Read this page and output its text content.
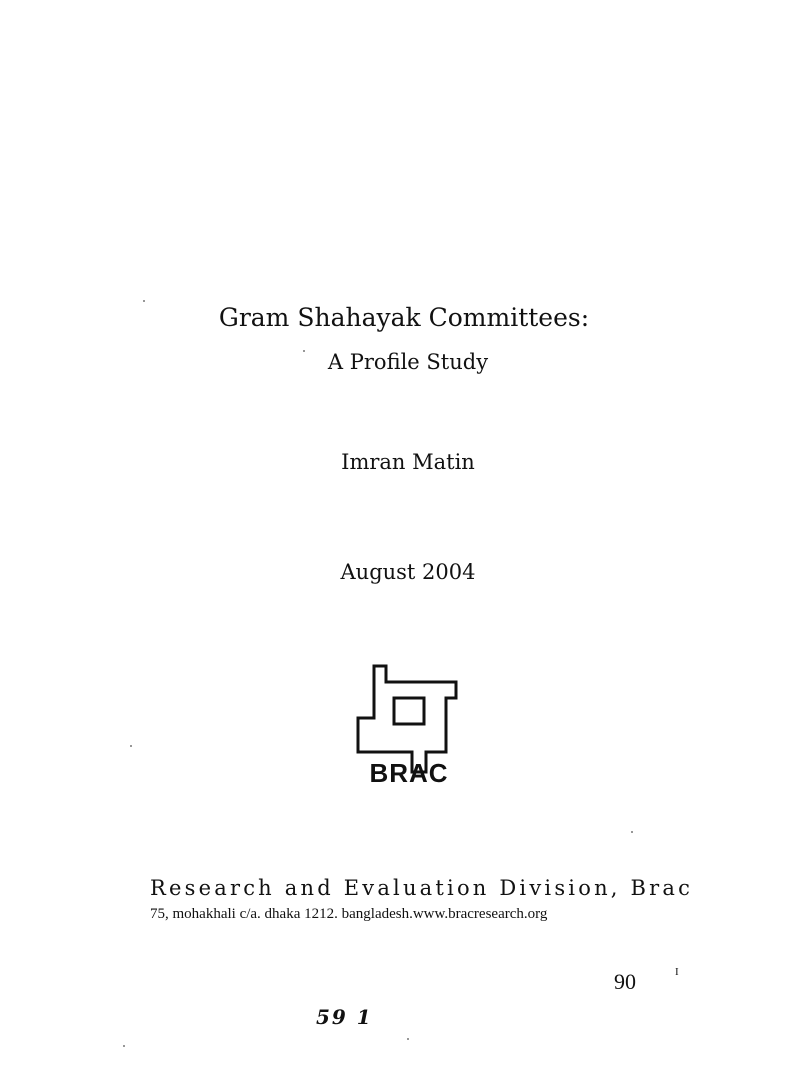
Gram Shahayak Committees:
A Profile Study
Imran Matin
August 2004
BRAC
Research and Evaluation Division, Brac
75, mohakhali c/a. dhaka 1212. bangladesh.www.bracresearch.org
90	I
59 1
